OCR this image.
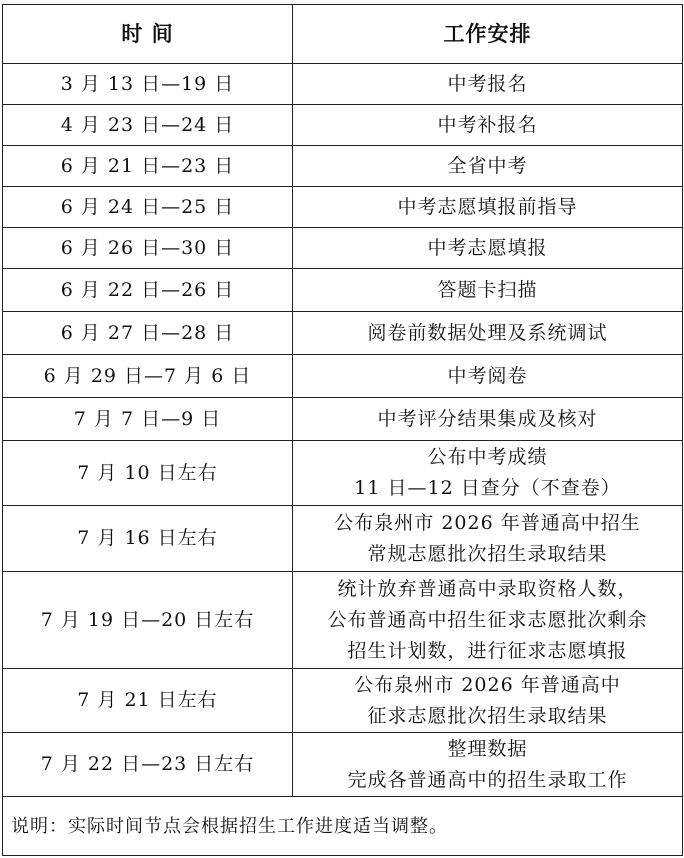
时 间	工作安排
3 月 13 日—19 日	中考报名

4 月 23 日—24 日	中考补报名

6 月 21 日—23 日	全省中考

6 月 24 日—25 日	中考志愿填报前指导

6 月 26 日—30 日	中考志愿填报

6 月 22 日—26 日	答题卡扫描

6 月 27 日—28 日	阅卷前数据处理及系统调试

6 月 29 日—7 月 6 日	中考阅卷

7 月 7 日—9 日	中考评分结果集成及核对

7 月 10 日左右	公布中考成绩
11 日—12 日查分（不查卷）

7 月 16 日左右	公布泉州市 2026 年普通高中招生
常规志愿批次招生录取结果

7 月 19 日—20 日左右	统计放弃普通高中录取资格人数，
公布普通高中招生征求志愿批次剩余
招生计划数，进行征求志愿填报

7 月 21 日左右	公布泉州市 2026 年普通高中
征求志愿批次招生录取结果

7 月 22 日—23 日左右	整理数据
完成各普通高中的招生录取工作

说明：实际时间节点会根据招生工作进度适当调整。	
